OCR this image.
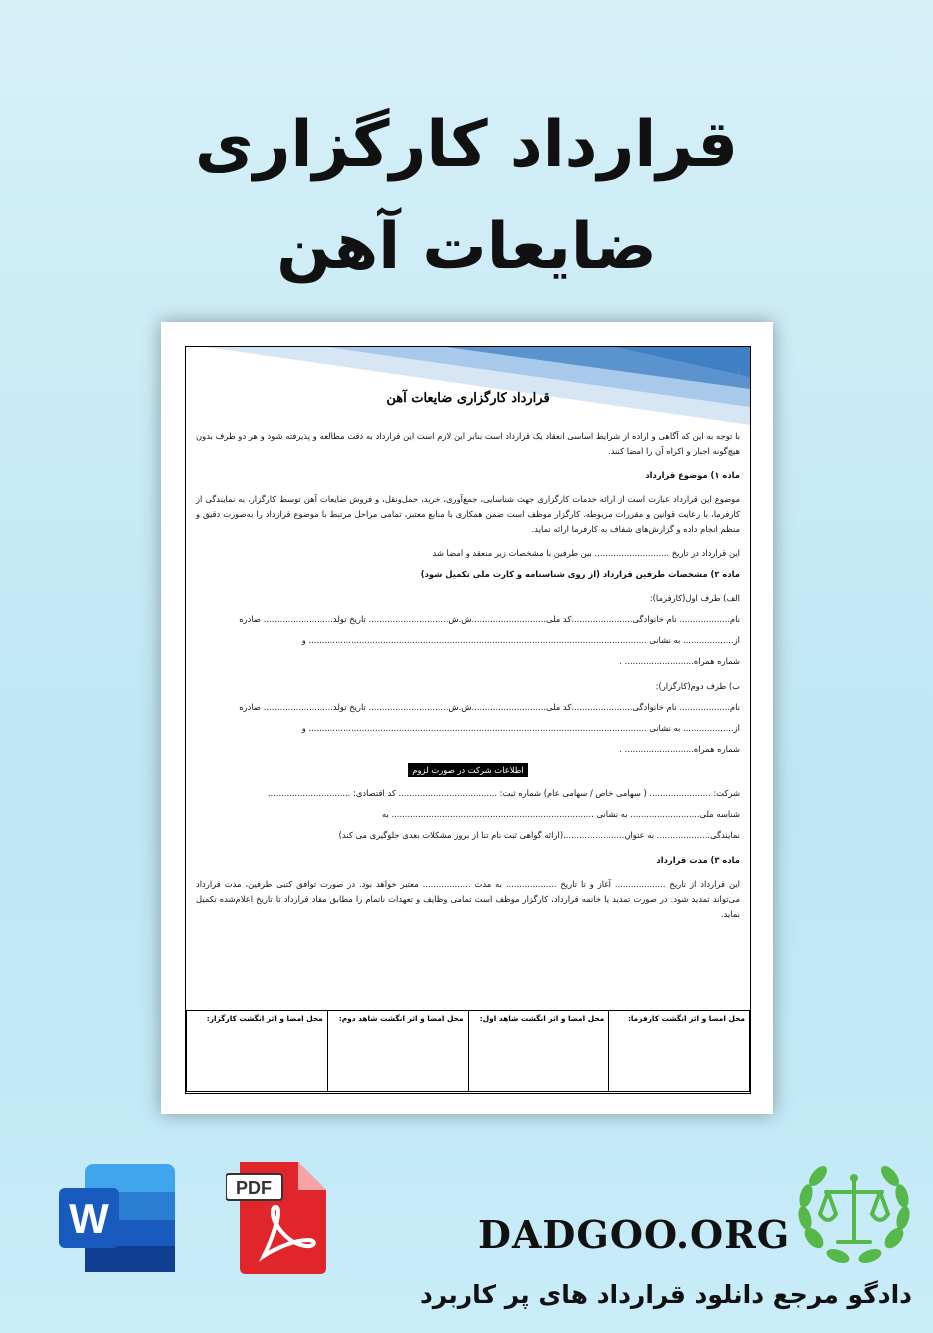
قرارداد کارگزاری
ضایعات آهن
1
قرارداد کارگزاری ضایعات آهن

با توجه به این که آگاهی و اراده از شرایط اساسی انعقاد یک قرارداد است بنابر این لازم است این قرارداد به دقت مطالعه و پذیرفته شود و هر دو طرف بدون هیچ‌گونه اجبار و اکراه آن را امضا کنند.

ماده ۱) موضوع قرارداد

موضوع این قرارداد عبارت است از ارائه خدمات کارگزاری جهت شناسایی، جمع‌آوری، خرید، حمل‌ونقل، و فروش ضایعات آهن توسط کارگزار، به نمایندگی از کارفرما، با رعایت قوانین و مقررات مربوطه. کارگزار موظف است ضمن همکاری با منابع معتبر، تمامی مراحل مرتبط با موضوع قرارداد را به‌صورت دقیق و منظم انجام داده و گزارش‌های شفاف به کارفرما ارائه نماید.

این قرارداد در تاریخ ............................ بین طرفین با مشخصات زیر منعقد و امضا شد

ماده ۲) مشخصات طرفین قرارداد (از روی شناسنامه و کارت ملی تکمیل شود)

الف) طرف اول(کارفرما):

نام................... نام خانوادگی.......................کد ملی............................ش.ش.............................. تاریخ تولد.......................... صادره

از................... به نشانی ............................................................................................................................... و

شماره همراه.......................... .

ب) طرف دوم(کارگزار):

نام................... نام خانوادگی.......................کد ملی............................ش.ش.............................. تاریخ تولد.......................... صادره

از................... به نشانی ............................................................................................................................... و

شماره همراه.......................... .

اطلاعات شرکت در صورت لزوم

شرکت: ....................... ( سهامی خاص / سهامی عام) شماره ثبت: ..................................... کد اقتصادی: ...............................

شناسه ملی.......................... به نشانی ............................................................................ به

نمایندگی.................... به عنوان.......................(ارائه گواهی ثبت نام تنا از بروز مشکلات بعدی جلوگیری می کند)

ماده ۳) مدت قرارداد

این قرارداد از تاریخ ................... آغاز و تا تاریخ ................... به مدت .................. معتبر خواهد بود. در صورت توافق کتبی طرفین، مدت قرارداد می‌تواند تمدید شود. در صورت تمدید یا خاتمه قرارداد، کارگزار موظف است تمامی وظایف و تعهدات ناتمام را مطابق مفاد قرارداد تا تاریخ اعلام‌شده تکمیل نماید.

محل امضا و اثر انگشت کارفرما:	محل امضا و اثر انگشت شاهد اول:	محل امضا و اثر انگشت شاهد دوم:	محل امضا و اثر انگشت کارگزار:
W
PDF
DADGOO.ORG
دادگو مرجع دانلود قرارداد های پر کاربرد
